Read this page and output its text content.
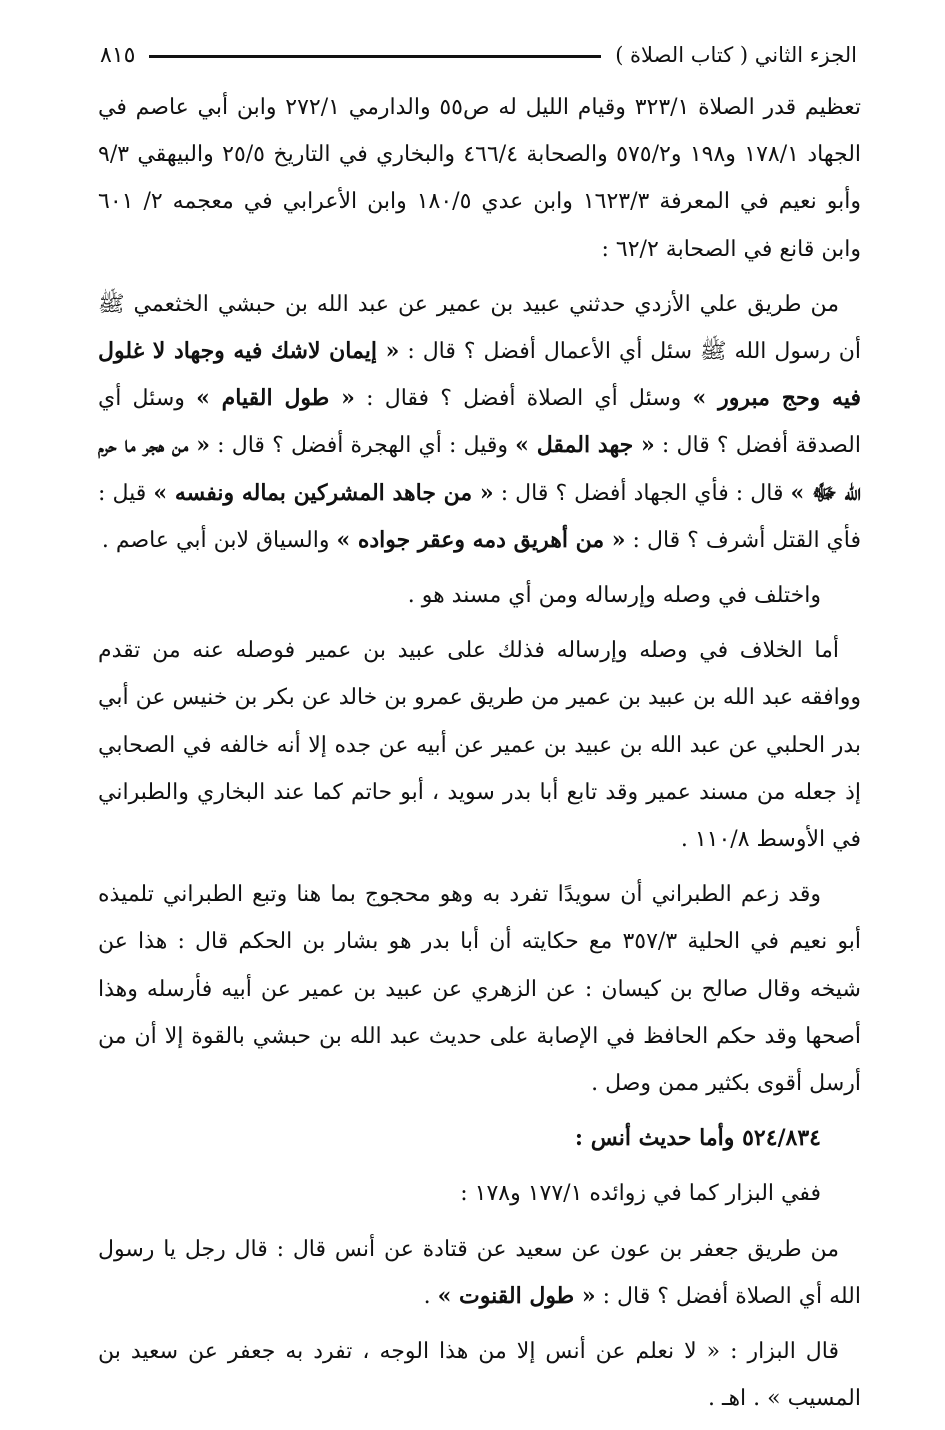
الجزء الثاني ( كتاب الصلاة )
٨١٥

تعظيم قدر الصلاة ٣٢٣/١ وقيام الليل له ص٥٥ والدارمي ٢٧٢/١ وابن أبي عاصم في الجهاد ١٧٨/١ و١٩٨ و٥٧٥/٢ والصحابة ٤٦٦/٤ والبخاري في التاريخ ٢٥/٥ والبيهقي ٩/٣ وأبو نعيم في المعرفة ١٦٢٣/٣ وابن عدي ١٨٠/٥ وابن الأعرابي في معجمه ٢/ ٦٠١ وابن قانع في الصحابة ٦٢/٢ :

من طريق علي الأزدي حدثني عبيد بن عمير عن عبد الله بن حبشي الخثعمي ﷺ أن رسول الله ﷺ سئل أي الأعمال أفضل ؟ قال : « إيمان لاشك فيه وجهاد لا غلول فيه وحج مبرور » وسئل أي الصلاة أفضل ؟ فقال : « طول القيام » وسئل أي الصدقة أفضل ؟ قال : « جهد المقل » وقيل : أي الهجرة أفضل ؟ قال : « من هجر ما حرم الله ﷻ » قال : فأي الجهاد أفضل ؟ قال : « من جاهد المشركين بماله ونفسه » قيل : فأي القتل أشرف ؟ قال : « من أهريق دمه وعقر جواده » والسياق لابن أبي عاصم .

واختلف في وصله وإرساله ومن أي مسند هو .

أما الخلاف في وصله وإرساله فذلك على عبيد بن عمير فوصله عنه من تقدم ووافقه عبد الله بن عبيد بن عمير من طريق عمرو بن خالد عن بكر بن خنيس عن أبي بدر الحلبي عن عبد الله بن عبيد بن عمير عن أبيه عن جده إلا أنه خالفه في الصحابي إذ جعله من مسند عمير وقد تابع أبا بدر سويد ، أبو حاتم كما عند البخاري والطبراني في الأوسط ١١٠/٨ .

وقد زعم الطبراني أن سويدًا تفرد به وهو محجوج بما هنا وتبع الطبراني تلميذه أبو نعيم في الحلية ٣٥٧/٣ مع حكايته أن أبا بدر هو بشار بن الحكم قال : هذا عن شيخه وقال صالح بن كيسان : عن الزهري عن عبيد بن عمير عن أبيه فأرسله وهذا أصحها وقد حكم الحافظ في الإصابة على حديث عبد الله بن حبشي بالقوة إلا أن من أرسل أقوى بكثير ممن وصل .

٥٢٤/٨٣٤ وأما حديث أنس :

ففي البزار كما في زوائده ١٧٧/١ و١٧٨ :

من طريق جعفر بن عون عن سعيد عن قتادة عن أنس قال : قال رجل يا رسول الله أي الصلاة أفضل ؟ قال : « طول القنوت » .

قال البزار : « لا نعلم عن أنس إلا من هذا الوجه ، تفرد به جعفر عن سعيد بن المسيب » . اهـ .
